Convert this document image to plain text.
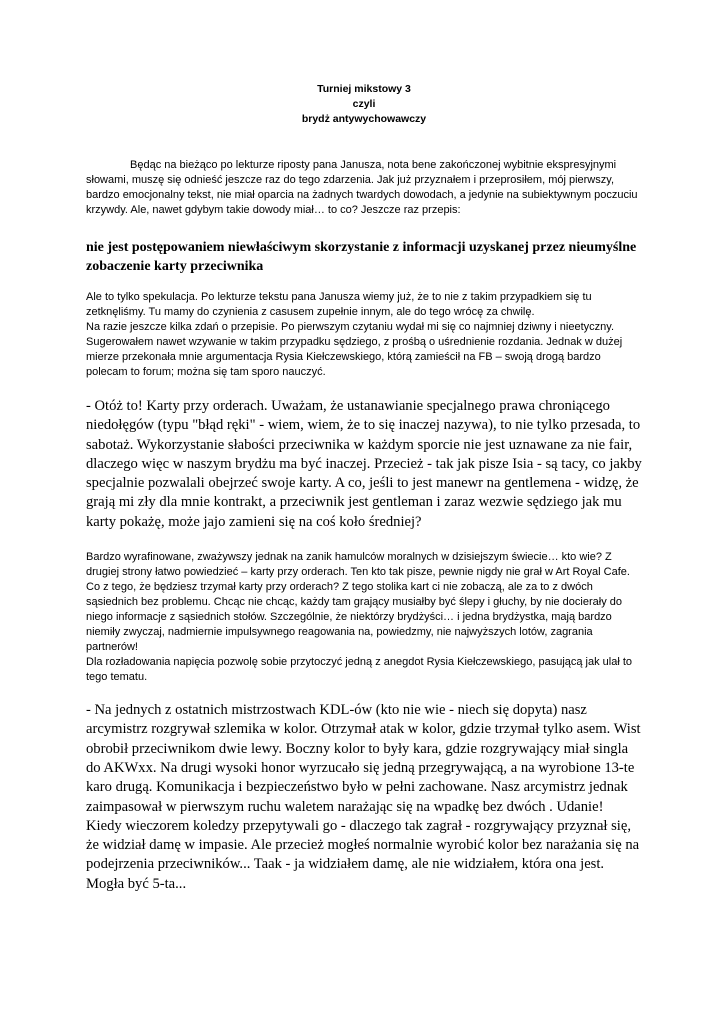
Turniej mikstowy 3
czyli
brydż antywychowawczy

Będąc na bieżąco po lekturze riposty pana Janusza, nota bene zakończonej wybitnie ekspresyjnymi słowami, muszę się odnieść jeszcze raz do tego zdarzenia. Jak już przyznałem i przeprosiłem, mój pierwszy, bardzo emocjonalny tekst, nie miał oparcia na żadnych twardych dowodach, a jedynie na subiektywnym poczuciu krzywdy. Ale, nawet gdybym takie dowody miał… to co? Jeszcze raz przepis:

nie jest postępowaniem niewłaściwym skorzystanie z informacji uzyskanej przez nieumyślne zobaczenie karty przeciwnika

Ale to tylko spekulacja. Po lekturze tekstu pana Janusza wiemy już, że to nie z takim przypadkiem się tu zetknęliśmy. Tu mamy do czynienia z casusem zupełnie innym, ale do tego wrócę za chwilę.

Na razie jeszcze kilka zdań o przepisie. Po pierwszym czytaniu wydał mi się co najmniej dziwny i nieetyczny. Sugerowałem nawet wzywanie w takim przypadku sędziego, z prośbą o uśrednienie rozdania. Jednak w dużej mierze przekonała mnie argumentacja Rysia Kiełczewskiego, którą zamieścił na FB – swoją drogą bardzo polecam to forum; można się tam sporo nauczyć.

- Otóż to! Karty przy orderach. Uważam, że ustanawianie specjalnego prawa chroniącego niedołęgów (typu "błąd ręki" - wiem, wiem, że to się inaczej nazywa), to nie tylko przesada, to sabotaż. Wykorzystanie słabości przeciwnika w każdym sporcie nie jest uznawane za nie fair, dlaczego więc w naszym brydżu ma być inaczej. Przecież - tak jak pisze Isia - są tacy, co jakby specjalnie pozwalali obejrzeć swoje karty. A co, jeśli to jest manewr na gentlemena - widzę, że grają mi zły dla mnie kontrakt, a przeciwnik jest gentleman i zaraz wezwie sędziego jak mu karty pokażę, może jajo zamieni się na coś koło średniej?

Bardzo wyrafinowane, zważywszy jednak na zanik hamulców moralnych w dzisiejszym świecie… kto wie? Z drugiej strony łatwo powiedzieć – karty przy orderach. Ten kto tak pisze, pewnie nigdy nie grał w Art Royal Cafe. Co z tego, że będziesz trzymał karty przy orderach? Z tego stolika kart ci nie zobaczą, ale za to z dwóch sąsiednich bez problemu. Chcąc nie chcąc, każdy tam grający musiałby być ślepy i głuchy, by nie docierały do niego informacje z sąsiednich stołów. Szczególnie, że niektórzy brydżyści… i jedna brydżystka, mają bardzo niemiły zwyczaj, nadmiernie impulsywnego reagowania na, powiedzmy, nie najwyższych lotów, zagrania partnerów!

Dla rozładowania napięcia pozwolę sobie przytoczyć jedną z anegdot Rysia Kiełczewskiego, pasującą jak ulał to tego tematu.

- Na jednych z ostatnich mistrzostwach KDL-ów (kto nie wie - niech się dopyta) nasz arcymistrz rozgrywał szlemika w kolor. Otrzymał atak w kolor, gdzie trzymał tylko asem. Wist obrobił przeciwnikom dwie lewy. Boczny kolor to były kara, gdzie rozgrywający miał singla do AKWxx. Na drugi wysoki honor wyrzucało się jedną przegrywającą, a na wyrobione 13-te karo drugą. Komunikacja i bezpieczeństwo było w pełni zachowane. Nasz arcymistrz jednak zaimpasował w pierwszym ruchu waletem narażając się na wpadkę bez dwóch . Udanie! Kiedy wieczorem koledzy przepytywali go - dlaczego tak zagrał - rozgrywający przyznał się, że widział damę w impasie. Ale przecież mogłeś normalnie wyrobić kolor bez narażania się na podejrzenia przeciwników... Taak - ja widziałem damę, ale nie widziałem, która ona jest. Mogła być 5-ta...
